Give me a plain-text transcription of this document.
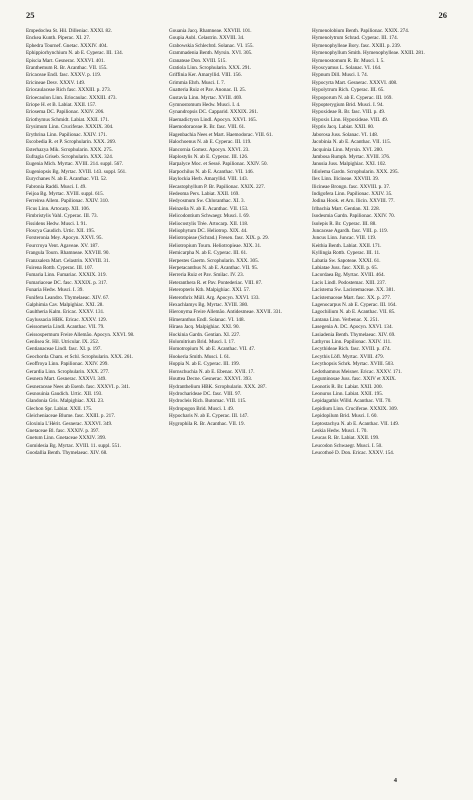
25	26
Empedoclea St. Hil. Dilleniac. XXXI. 82.
Enckea Kunth. Piperac. XI. 27.
Ephedra Tournef. Gnetac. XXXIV. 404.
Ephippiorhynchium N. ab E. Cyperac. III. 134.
Episcia Mart. Gesnerac. XXXVI. 401.
Eranthemum R. Br. Acanthac. VII. 155.
Ericaceae Endl. fasc. XXXV. p. 119.
Ericineae Desv. XXXV. 149.
Eriocaulaceae Rich fasc. XXXIII. p. 273.
Erioecaulon Linn. Eriocaulac. XXXIII. 473.
Eriope H. et B. Labiat. XXII. 157.
Eriosema DC. Papilionac. XXIV. 206.
Eriothymus Schmidt. Labiat. XXII. 171.
Erysimum Linn. Cruciferae. XXXIX. 304.
Erythrina Linn. Papilionac. XXIV. 171.
Escobedia R. et P. Scrophularin. XXX. 269.
Esterhazya Mik. Scrophularin. XXX. 275.
Eufragia Griseb. Scrophularin. XXX. 324.
Eugenia Mich. Myrtac. XVIII. 214. suppl. 567.
Eugeniopsis Bg. Myrtac. XVIII. 143. suppl. 561.
Eurychanes N. ab E. Acanthac. VII. 52.
Fabronia Raddi. Musci. I. 49.
Feijoa Bg. Myrtac. XVIII. suppl. 615.
Ferreirea Allem. Papilionac. XXIV. 310.
Ficus Linn. Artocarp. XII. 106.
Fimbristylis Vahl. Cyperac. III. 73.
Fissidens Hedw. Musci. I. 91.
Floscya Gaudich. Urtic. XII. 195.
Forsteronia Mey. Apocyn. XXVI. 95.
Fourcroya Vent. Agaveae. XV. 187.
Frangula Tourn. Rhamneae. XXVIII. 90.
Franzsalera Mart. Celastrin. XXVIII. 31.
Fuirena Rottb. Cyperac. III. 107.
Fumaria Linn. Fumariac. XXXIX. 319.
Fumariaceae DC. fasc. XXXIX. p. 317.
Funaria Hedw. Musci. I. 39.
Funifera Leandro. Thymelaeac. XIV. 67.
Galphimia Cav. Malpighiac. XXI. 28.
Gaultheria Kalm. Ericac. XXXV. 131.
Gaylussacia HBK. Ericac. XXXV. 129.
Geissomeria Lindl. Acanthac. VII. 79.
Geissospermum Freire Allemão. Apocyn. XXVI. 98.
Genlisea St. Hil. Utricular. IX. 252.
Gentianaceae Lindl. fasc. XI. p. 197.
Geochorda Cham. et Schl. Scrophularin. XXX. 261.
Geoffroya Linn. Papilionac. XXIV. 299.
Gerardia Linn. Scrophularin. XXX. 277.
Gesnera Mart. Gesnerac. XXXVI. 349.
Gesneraceae Nees ab Esenb. fasc. XXXVI. p. 341.
Gesnouinia Gaudich. Urtic. XII. 193.
Glandonia Gris. Malpighiac. XXI. 23.
Glechon Spr. Labiat. XXII. 175.
Gleicheniaceae Blume. fasc. XXIII. p. 217.
Gloxinia L'Hérit. Gesnerac. XXXVI. 349.
Gnetaceae Bl. fasc. XXXIV. p. 397.
Gnetum Linn. Gnetaceae XXXIV. 399.
Gomidesia Bg. Myrtac. XVIII. 11. suppl. 551.
Goodallia Benth. Thymelaeac. XIV. 68.
Gouania Jacq. Rhamneae. XXVIII. 101.
Goupia Aubl. Celastrin. XXVIII. 34.
Grabowskia Schlechtd. Solanac. VI. 155.
Grammadenia Benth. Myrsin. XVI. 305.
Granateae Don. XVIII. 515.
Gratiola Linn. Scrophularin. XXX. 291.
Griffinia Ker. Amaryllid. VIII. 156.
Grimmia Ehrh. Musci. I. 7.
Guatteria Ruiz et Pav. Anonac. II. 25.
Gustavia Linn. Myrtac. XVIII. 469.
Gymnostomum Hedw. Musci. I. 4.
Gynandropsis DC. Capparid. XXXIX. 261.
Haemadictyon Lindl. Apocyn. XXVI. 165.
Haemodoraceae R. Br. fasc. VIII. 61.
Hagenbachia Nees et Mart. Haemodorac. VIII. 61.
Halochoenus N. ab E. Cyperac. III. 119.
Hancornia Gomez. Apocyn. XXVI. 23.
Haplostylis N. ab E. Cyperac. III. 126.
Harpalyce Moc. et Sessé. Papilionac. XXIV. 50.
Harpochilus N. ab E. Acanthac. VII. 146.
Haylockia Herb. Amaryllid. VIII. 143.
Hecastophyllum P. Br. Papilionac. XXIX. 227.
Hedeoma Pers. Labiat. XXII. 169.
Hedyosmum Sw. Chloranthac. XI. 3.
Heinzelia N. ab E. Acanthac. VII. 153.
Helicodontium Schwaegr. Musci. I. 69.
Heliocostylis Trée. Artocarp. XII. 118.
Heliophytum DC. Heliotrop. XIX. 44.
Heliotropieae (Schrad.) Fresen. fasc. XIX. p. 29.
Heliotropium Tourn. Heliotropieae. XIX. 31.
Hemicarpha N. ab E. Cyperac. III. 61.
Herpestes Gaertn. Scrophularin. XXX. 305.
Herpetacanthus N. ab E. Acanthac. VII. 95.
Herreria Ruiz et Pav. Smilac. IV. 23.
Heteranthera R. et Pav. Pontederiac. VIII. 87.
Heteropteris Kth. Malpighiac. XXI. 57.
Heterothrix Müll. Arg. Apocyn. XXVI. 133.
Hexachlamys Bg. Myrtac. XVIII. 380.
Hieronyma Freire Allemão. Antidesmeae. XXVII. 331.
Himeranthus Endl. Solanac. VI. 148.
Hiraea Jacq. Malpighiac. XXI. 90.
Hockinia Gardn. Gentian. XI. 227.
Holomitrium Brid. Musci. I. 17.
Homotropium N. ab E. Acanthac. VII. 47.
Hookeria Smith. Musci. I. 61.
Hoppia N. ab E. Cyperac. III. 199.
Hornschuchia N. ab E. Ebenac. XVII. 17.
Houttea Decne. Gesnerac. XXXVI. 393.
Hydranthelium HBK. Scrophularin. XXX. 287.
Hydrocharideae DC. fasc. VIII. 97.
Hydrocleis Rich. Butomac. VIII. 115.
Hydropogon Brid. Musci. I. 49.
Hypocharis N. ab E. Cyperac. III. 147.
Hygrophila R. Br. Acanthac. VII. 19.
Hymenolobium Benth. Papilionac. XXIX. 274.
Hymenolytrum Schrad. Cyperac. III. 174.
Hymenophylleae Bory. fasc. XXIII. p. 239.
Hymenophyllum Smith. Hymenophylleae. XXIII. 281.
Hymenostomum R. Br. Musci. I. 5.
Hyoscyamus L. Solanac. VI. 164.
Hypnum Dill. Musci. I. 74.
Hypocyrta Mart. Gesnerac. XXXVI. 408.
Hypolytrum Rich. Cyperac. III. 65.
Hypoporum N. ab E. Cyperac. III. 169.
Hypopterygium Brid. Musci. I. 94.
Hypoxideae R. Br. fasc. VIII. p. 49.
Hypoxis Linn. Hypoxideae. VIII. 49.
Hyptis Jacq. Labiat. XXII. 80.
Jaborosa Juss. Solanac. VI. 148.
Jacobinia N. ab E. Acanthac. VII. 115.
Jacquinia Linn. Myrsin. XVI. 280.
Jambosa Rumph. Myrtac. XVIII. 376.
Janusia Juss. Malpighiac. XXI. 102.
Idiolema Gardn. Scrophularin. XXX. 295.
Ilex Linn. Ilicineae. XXVIII. 39.
Ilicineae Brongn. fasc. XXVIII. p. 37.
Indigofera Linn. Papilionac. XXIV. 35.
Jodina Hook. et Arn. Ilicin. XXVIII. 77.
Irlbachia Mart. Gentian. XI. 228.
Isodesmia Gardn. Papilionac. XXIV. 70.
Isolepis R. Br. Cyperac. III. 88.
Juncaceae Agardh. fasc. VIII. p. 119.
Juncus Linn. Juncac. VIII. 119.
Keithia Benth. Labiat. XXII. 171.
Kyllingia Rottb. Cyperac. III. 11.
Labatia Sw. Sapoteae. XXXI. 61.
Labiatae Juss. fasc. XXII. p. 65.
Lacordaea Bg. Myrtac. XVIII. 464.
Lacis Lindl. Podostemac. XIII. 237.
Lacistema Sw. Lacistemaceae. XX. 381.
Lacistemaceae Mart. fasc. XX. p. 277.
Lagenocarpus N. ab E. Cyperac. III. 164.
Lagochilium N. ab E. Acanthac. VII. 85.
Lantana Linn. Verbenac. X. 251.
Lasegenia A. DC. Apocyn. XXVI. 134.
Lasiadenia Benth. Thymelaeac. XIV. 69.
Lathyrus Linn. Papilionac. XXIV. 111.
Lecythideae Rich. fasc. XVIII. p. 474.
Lecythis Löfl. Myrtac. XVIII. 479.
Lecythopsis Schrk. Myrtac. XVIII. 503.
Ledothamnus Meisner. Ericac. XXXV. 171.
Leguminosae Juss. fasc. XXIV et XXIX.
Leonotis R. Br. Labiat. XXII. 200.
Leonurus Linn. Labiat. XXII. 195.
Lepidagathis Willd. Acanthac. VII. 70.
Lepidium Linn. Cruciferae. XXXIX. 309.
Lepidopilum Brid. Musci. I. 60.
Leptostachya N. ab E. Acanthac. VII. 149.
Leskia Hedw. Musci. I. 70.
Leucas R. Br. Labiat. XXII. 199.
Leucodon Schwaegr. Musci. I. 50.
Leucothoë D. Don. Ericac. XXXV. 154.
4
